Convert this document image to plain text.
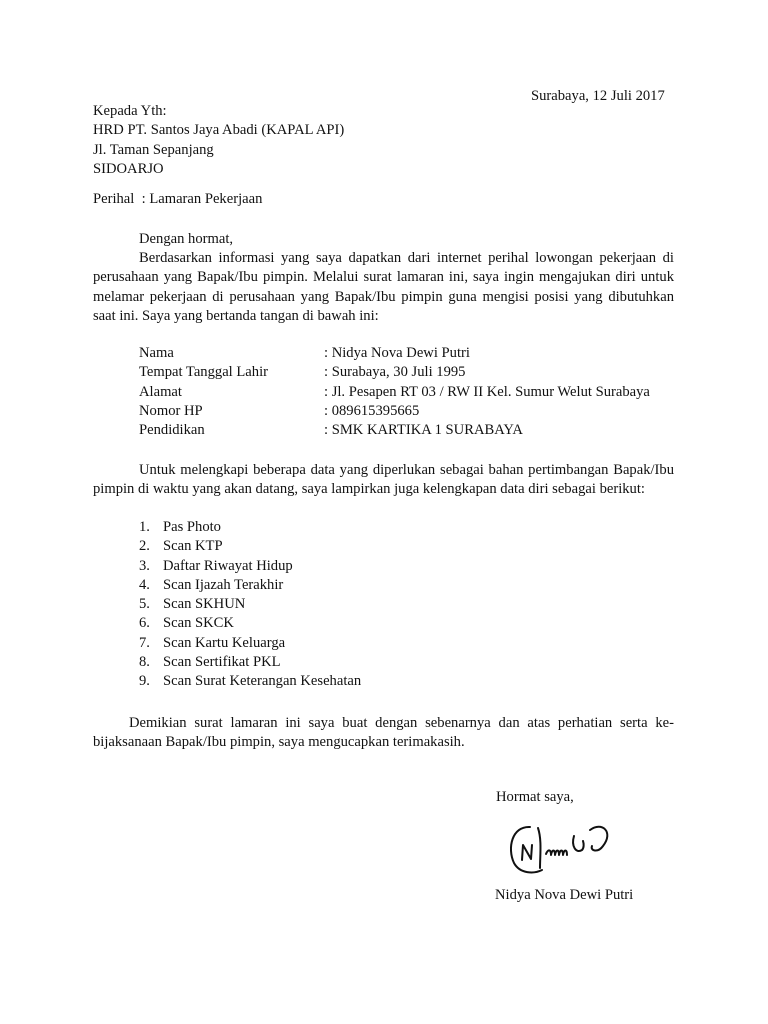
Surabaya, 12 Juli 2017
Kepada Yth:
HRD PT. Santos Jaya Abadi (KAPAL API)
Jl. Taman Sepanjang
SIDOARJO
Perihal  : Lamaran Pekerjaan
Dengan hormat,
Berdasarkan informasi yang saya dapatkan dari internet perihal lowongan pekerjaan di perusahaan yang Bapak/Ibu pimpin. Melalui surat lamaran ini, saya ingin mengajukan diri untuk melamar pekerjaan di perusahaan yang Bapak/Ibu pimpin guna mengisi posisi yang dibutuhkan saat ini. Saya yang bertanda tangan di bawah ini:
Nama	: Nidya Nova Dewi Putri
Tempat Tanggal Lahir	: Surabaya, 30 Juli 1995
Alamat	: Jl. Pesapen RT 03 / RW II Kel. Sumur Welut Surabaya
Nomor HP	: 089615395665
Pendidikan	: SMK KARTIKA 1 SURABAYA
Untuk melengkapi beberapa data yang diperlukan sebagai bahan pertimbangan Bapak/Ibu pimpin di waktu yang akan datang, saya lampirkan juga kelengkapan data diri sebagai berikut:
1. Pas Photo
2. Scan KTP
3. Daftar Riwayat Hidup
4. Scan Ijazah Terakhir
5. Scan SKHUN
6. Scan SKCK
7. Scan Kartu Keluarga
8. Scan Sertifikat PKL
9. Scan Surat Keterangan Kesehatan
Demikian surat lamaran ini saya buat dengan sebenarnya dan atas perhatian serta ke-bijaksanaan Bapak/Ibu pimpin, saya mengucapkan terimakasih.
Hormat saya,
Nidya Nova Dewi Putri
